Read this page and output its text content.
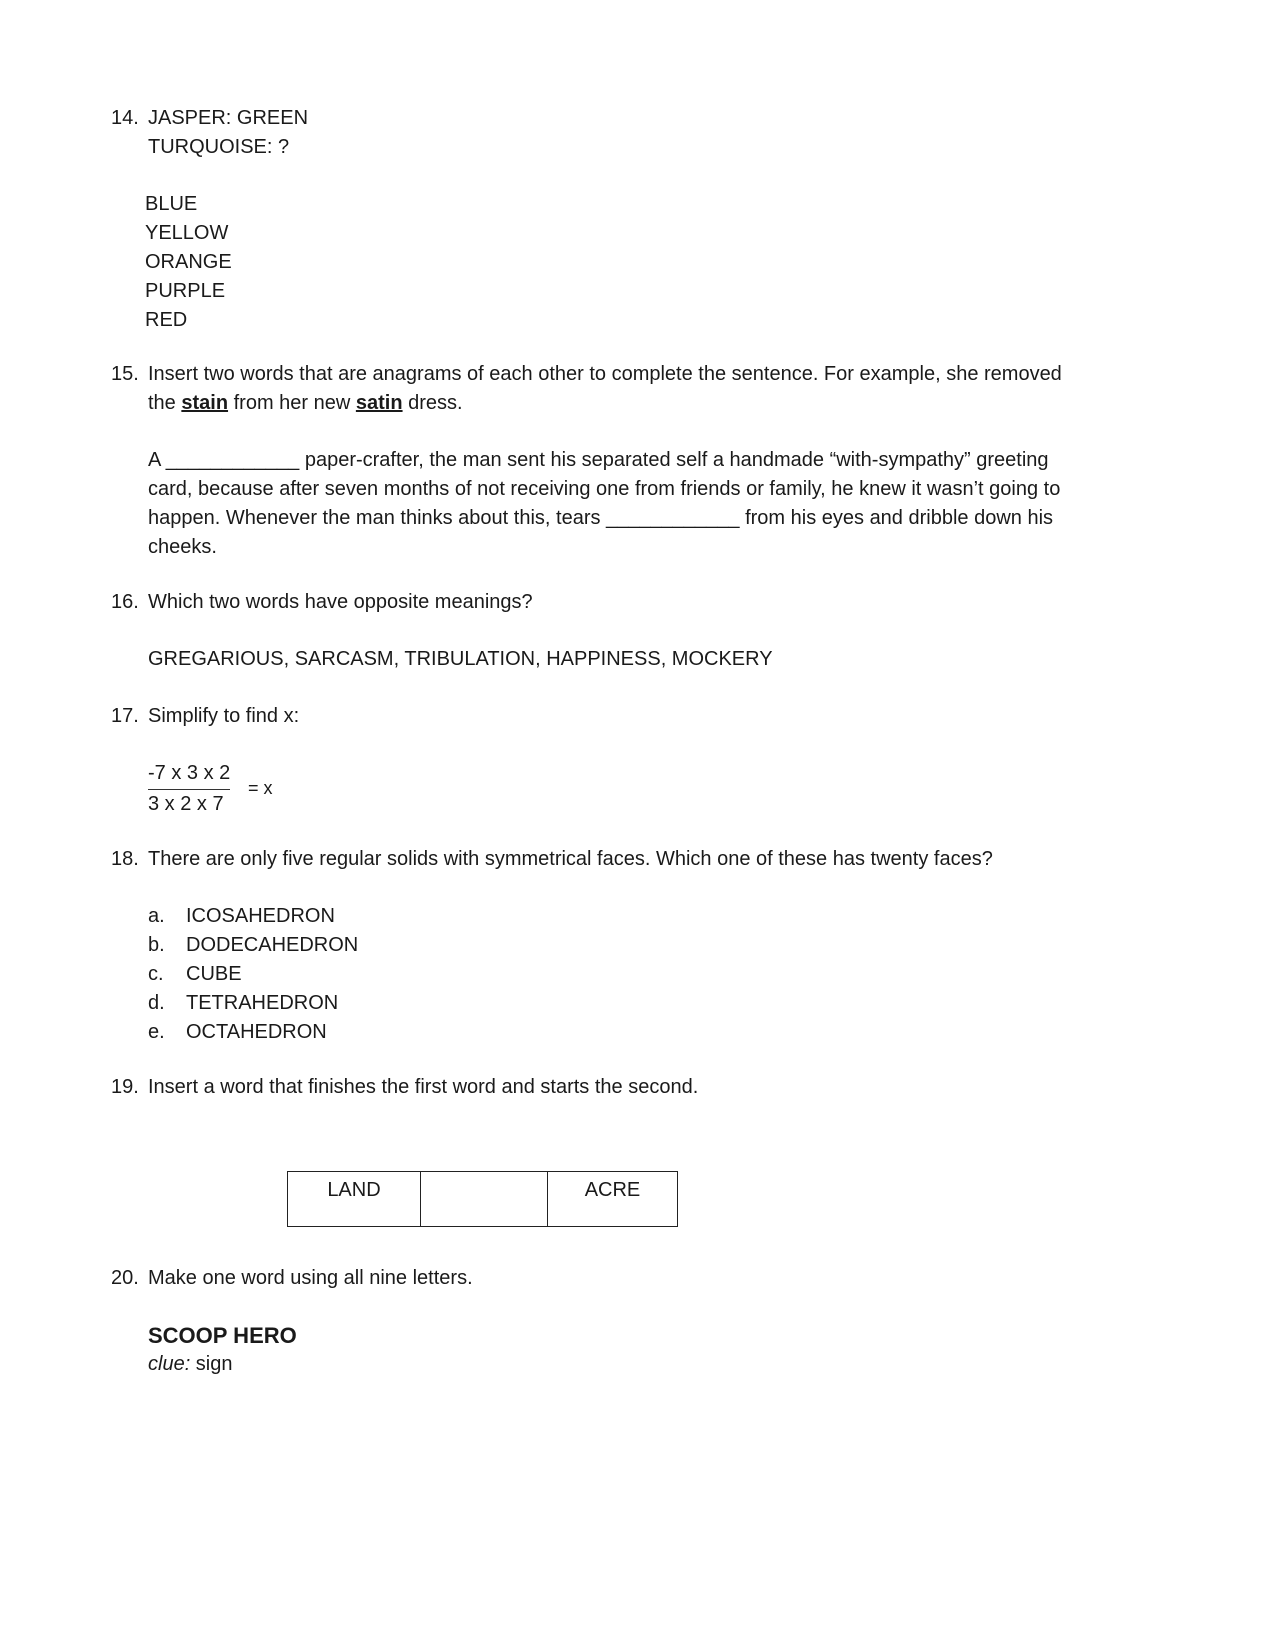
14. JASPER: GREEN
TURQUOISE: ?
BLUE
YELLOW
ORANGE
PURPLE
RED
15. Insert two words that are anagrams of each other to complete the sentence. For example, she removed
the stain from her new satin dress.
A ____________ paper-crafter, the man sent his separated self a handmade “with-sympathy” greeting
card, because after seven months of not receiving one from friends or family, he knew it wasn’t going to
happen. Whenever the man thinks about this, tears ____________ from his eyes and dribble down his
cheeks.
16. Which two words have opposite meanings?
GREGARIOUS, SARCASM, TRIBULATION, HAPPINESS, MOCKERY
17. Simplify to find x:
-7 x 3 x 2
3 x 2 x 7
= x
18. There are only five regular solids with symmetrical faces. Which one of these has twenty faces?
a. ICOSAHEDRON
b. DODECAHEDRON
c. CUBE
d. TETRAHEDRON
e. OCTAHEDRON
19. Insert a word that finishes the first word and starts the second.
LAND		ACRE
20. Make one word using all nine letters.
SCOOP HERO
clue: sign
